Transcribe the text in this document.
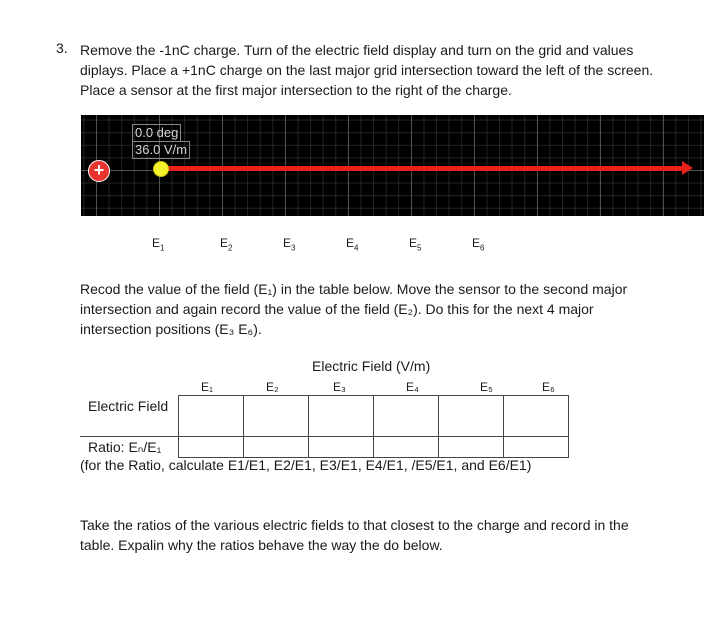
3. Remove the -1nC charge. Turn of the electric field display and turn on the grid and values diplays. Place a +1nC charge on the last major grid intersection toward the left of the screen. Place a sensor at the first major intersection to the right of the charge.
0.0 deg
36.0 V/m
+
$E_1$	$E_2$	$E_3$	$E_4$	$E_5$	$E_6$
Recod the value of the field (E₁) in the table below. Move the sensor to the second major intersection and again record the value of the field (E₂). Do this for the next 4 major intersection positions (E₃ E₆).
Electric Field (V/m)
E₁	E₂	E₃	E₄	E₅	E₆
Electric Field						
Ratio: Eₙ/E₁						
(for the Ratio, calculate E1/E1, E2/E1, E3/E1, E4/E1, /E5/E1, and E6/E1)
Take the ratios of the various electric fields to that closest to the charge and record in the table. Expalin why the ratios behave the way the do below.
